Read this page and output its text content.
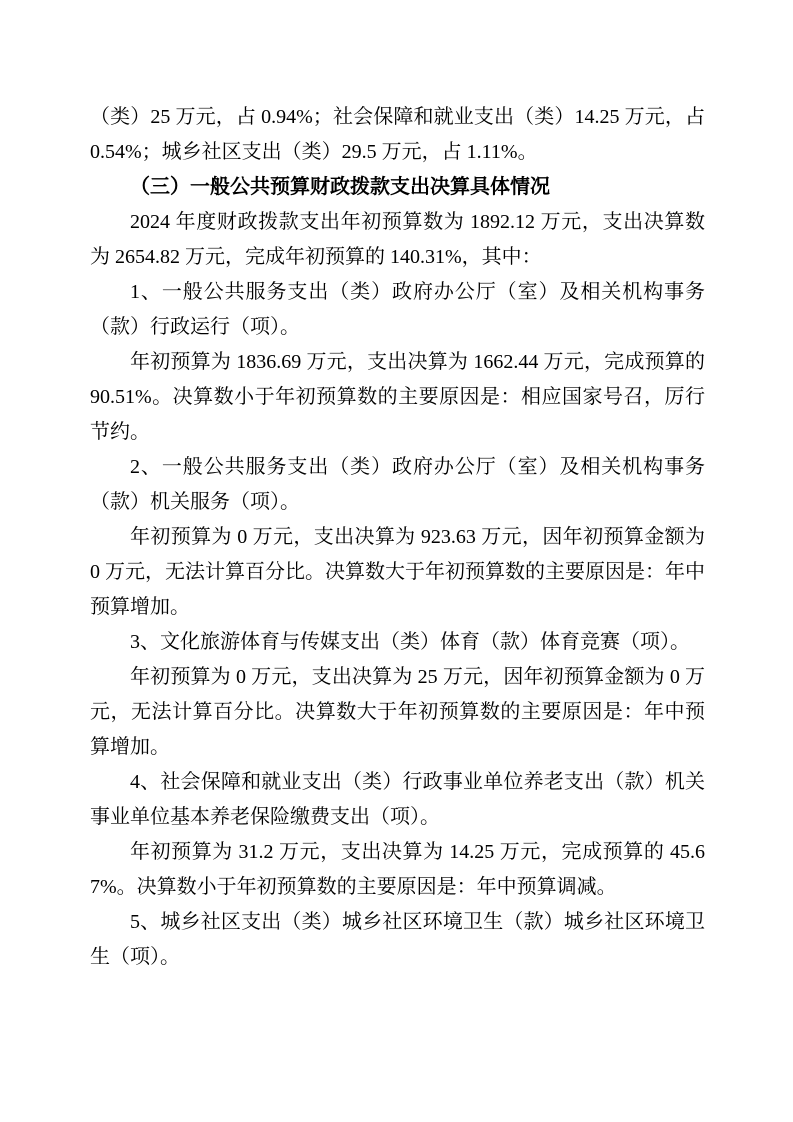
（类）25 万元，占 0.94%；社会保障和就业支出（类）14.25 万元，占 0.54%；城乡社区支出（类）29.5 万元，占 1.11%。

（三）一般公共预算财政拨款支出决算具体情况

2024 年度财政拨款支出年初预算数为 1892.12 万元，支出决算数为 2654.82 万元，完成年初预算的 140.31%，其中：

1、一般公共服务支出（类）政府办公厅（室）及相关机构事务（款）行政运行（项）。

年初预算为 1836.69 万元，支出决算为 1662.44 万元，完成预算的 90.51%。决算数小于年初预算数的主要原因是：相应国家号召，厉行节约。

2、一般公共服务支出（类）政府办公厅（室）及相关机构事务（款）机关服务（项）。

年初预算为 0 万元，支出决算为 923.63 万元，因年初预算金额为 0 万元，无法计算百分比。决算数大于年初预算数的主要原因是：年中预算增加。

3、文化旅游体育与传媒支出（类）体育（款）体育竞赛（项）。

年初预算为 0 万元，支出决算为 25 万元，因年初预算金额为 0 万元，无法计算百分比。决算数大于年初预算数的主要原因是：年中预算增加。

4、社会保障和就业支出（类）行政事业单位养老支出（款）机关事业单位基本养老保险缴费支出（项）。

年初预算为 31.2 万元，支出决算为 14.25 万元，完成预算的 45.67%。决算数小于年初预算数的主要原因是：年中预算调减。

5、城乡社区支出（类）城乡社区环境卫生（款）城乡社区环境卫生（项）。
